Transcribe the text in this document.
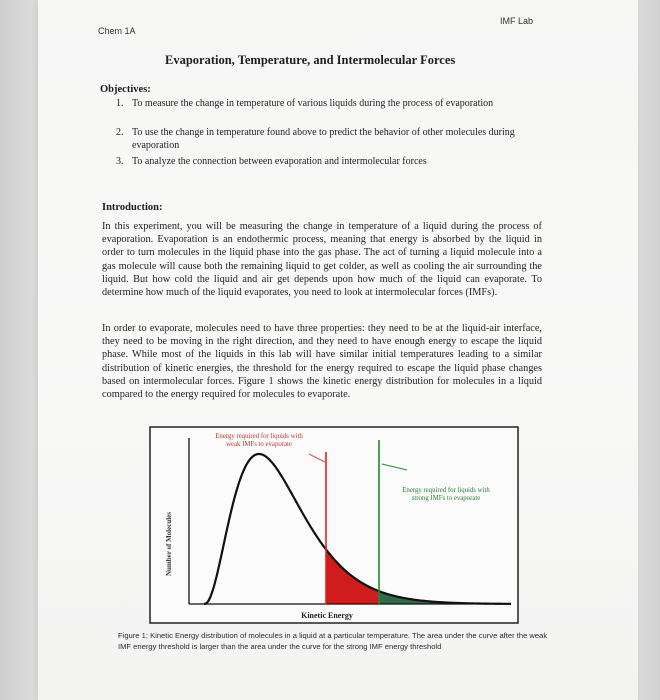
Chem 1A
IMF Lab
Evaporation, Temperature, and Intermolecular Forces
Objectives:
1. To measure the change in temperature of various liquids during the process of evaporation
2. To use the change in temperature found above to predict the behavior of other molecules during evaporation
3. To analyze the connection between evaporation and intermolecular forces
Introduction:
In this experiment, you will be measuring the change in temperature of a liquid during the process of evaporation. Evaporation is an endothermic process, meaning that energy is absorbed by the liquid in order to turn molecules in the liquid phase into the gas phase. The act of turning a liquid molecule into a gas molecule will cause both the remaining liquid to get colder, as well as cooling the air surrounding the liquid. But how cold the liquid and air get depends upon how much of the liquid can evaporate. To determine how much of the liquid evaporates, you need to look at intermolecular forces (IMFs).
In order to evaporate, molecules need to have three properties: they need to be at the liquid-air interface, they need to be moving in the right direction, and they need to have enough energy to escape the liquid phase. While most of the liquids in this lab will have similar initial temperatures leading to a similar distribution of kinetic energies, the threshold for the energy required to escape the liquid phase changes based on intermolecular forces. Figure 1 shows the kinetic energy distribution for molecules in a liquid compared to the energy required for molecules to evaporate.
Energy required for liquids with
weak IMFs to evaporate
Energy required for liquids with
strong IMFs to evaporate
Number of Molecules
Kinetic Energy
Figure 1: Kinetic Energy distribution of molecules in a liquid at a particular temperature. The area under the curve after the weak IMF energy threshold is larger than the area under the curve for the strong IMF energy threshold
